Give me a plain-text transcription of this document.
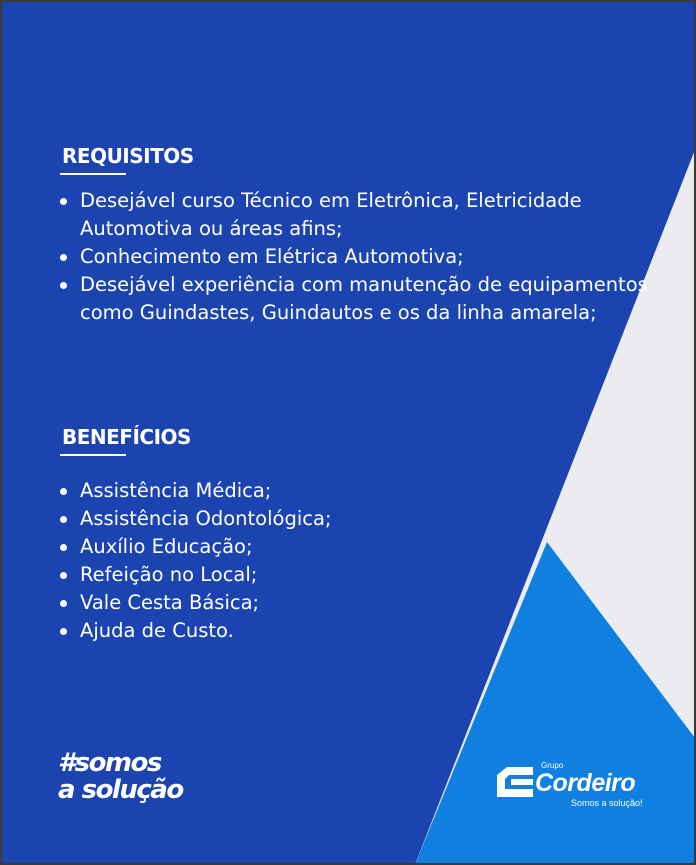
REQUISITOS
Desejável curso Técnico em Eletrônica, Eletricidade Automotiva ou áreas afins;
Conhecimento em Elétrica Automotiva;
Desejável experiência com manutenção de equipamentos como Guindastes, Guindautos e os da linha amarela;
BENEFÍCIOS
Assistência Médica;
Assistência Odontológica;
Auxílio Educação;
Refeição no Local;
Vale Cesta Básica;
Ajuda de Custo.
#somos
a solução
Grupo
Cordeiro
Somos a solução!
